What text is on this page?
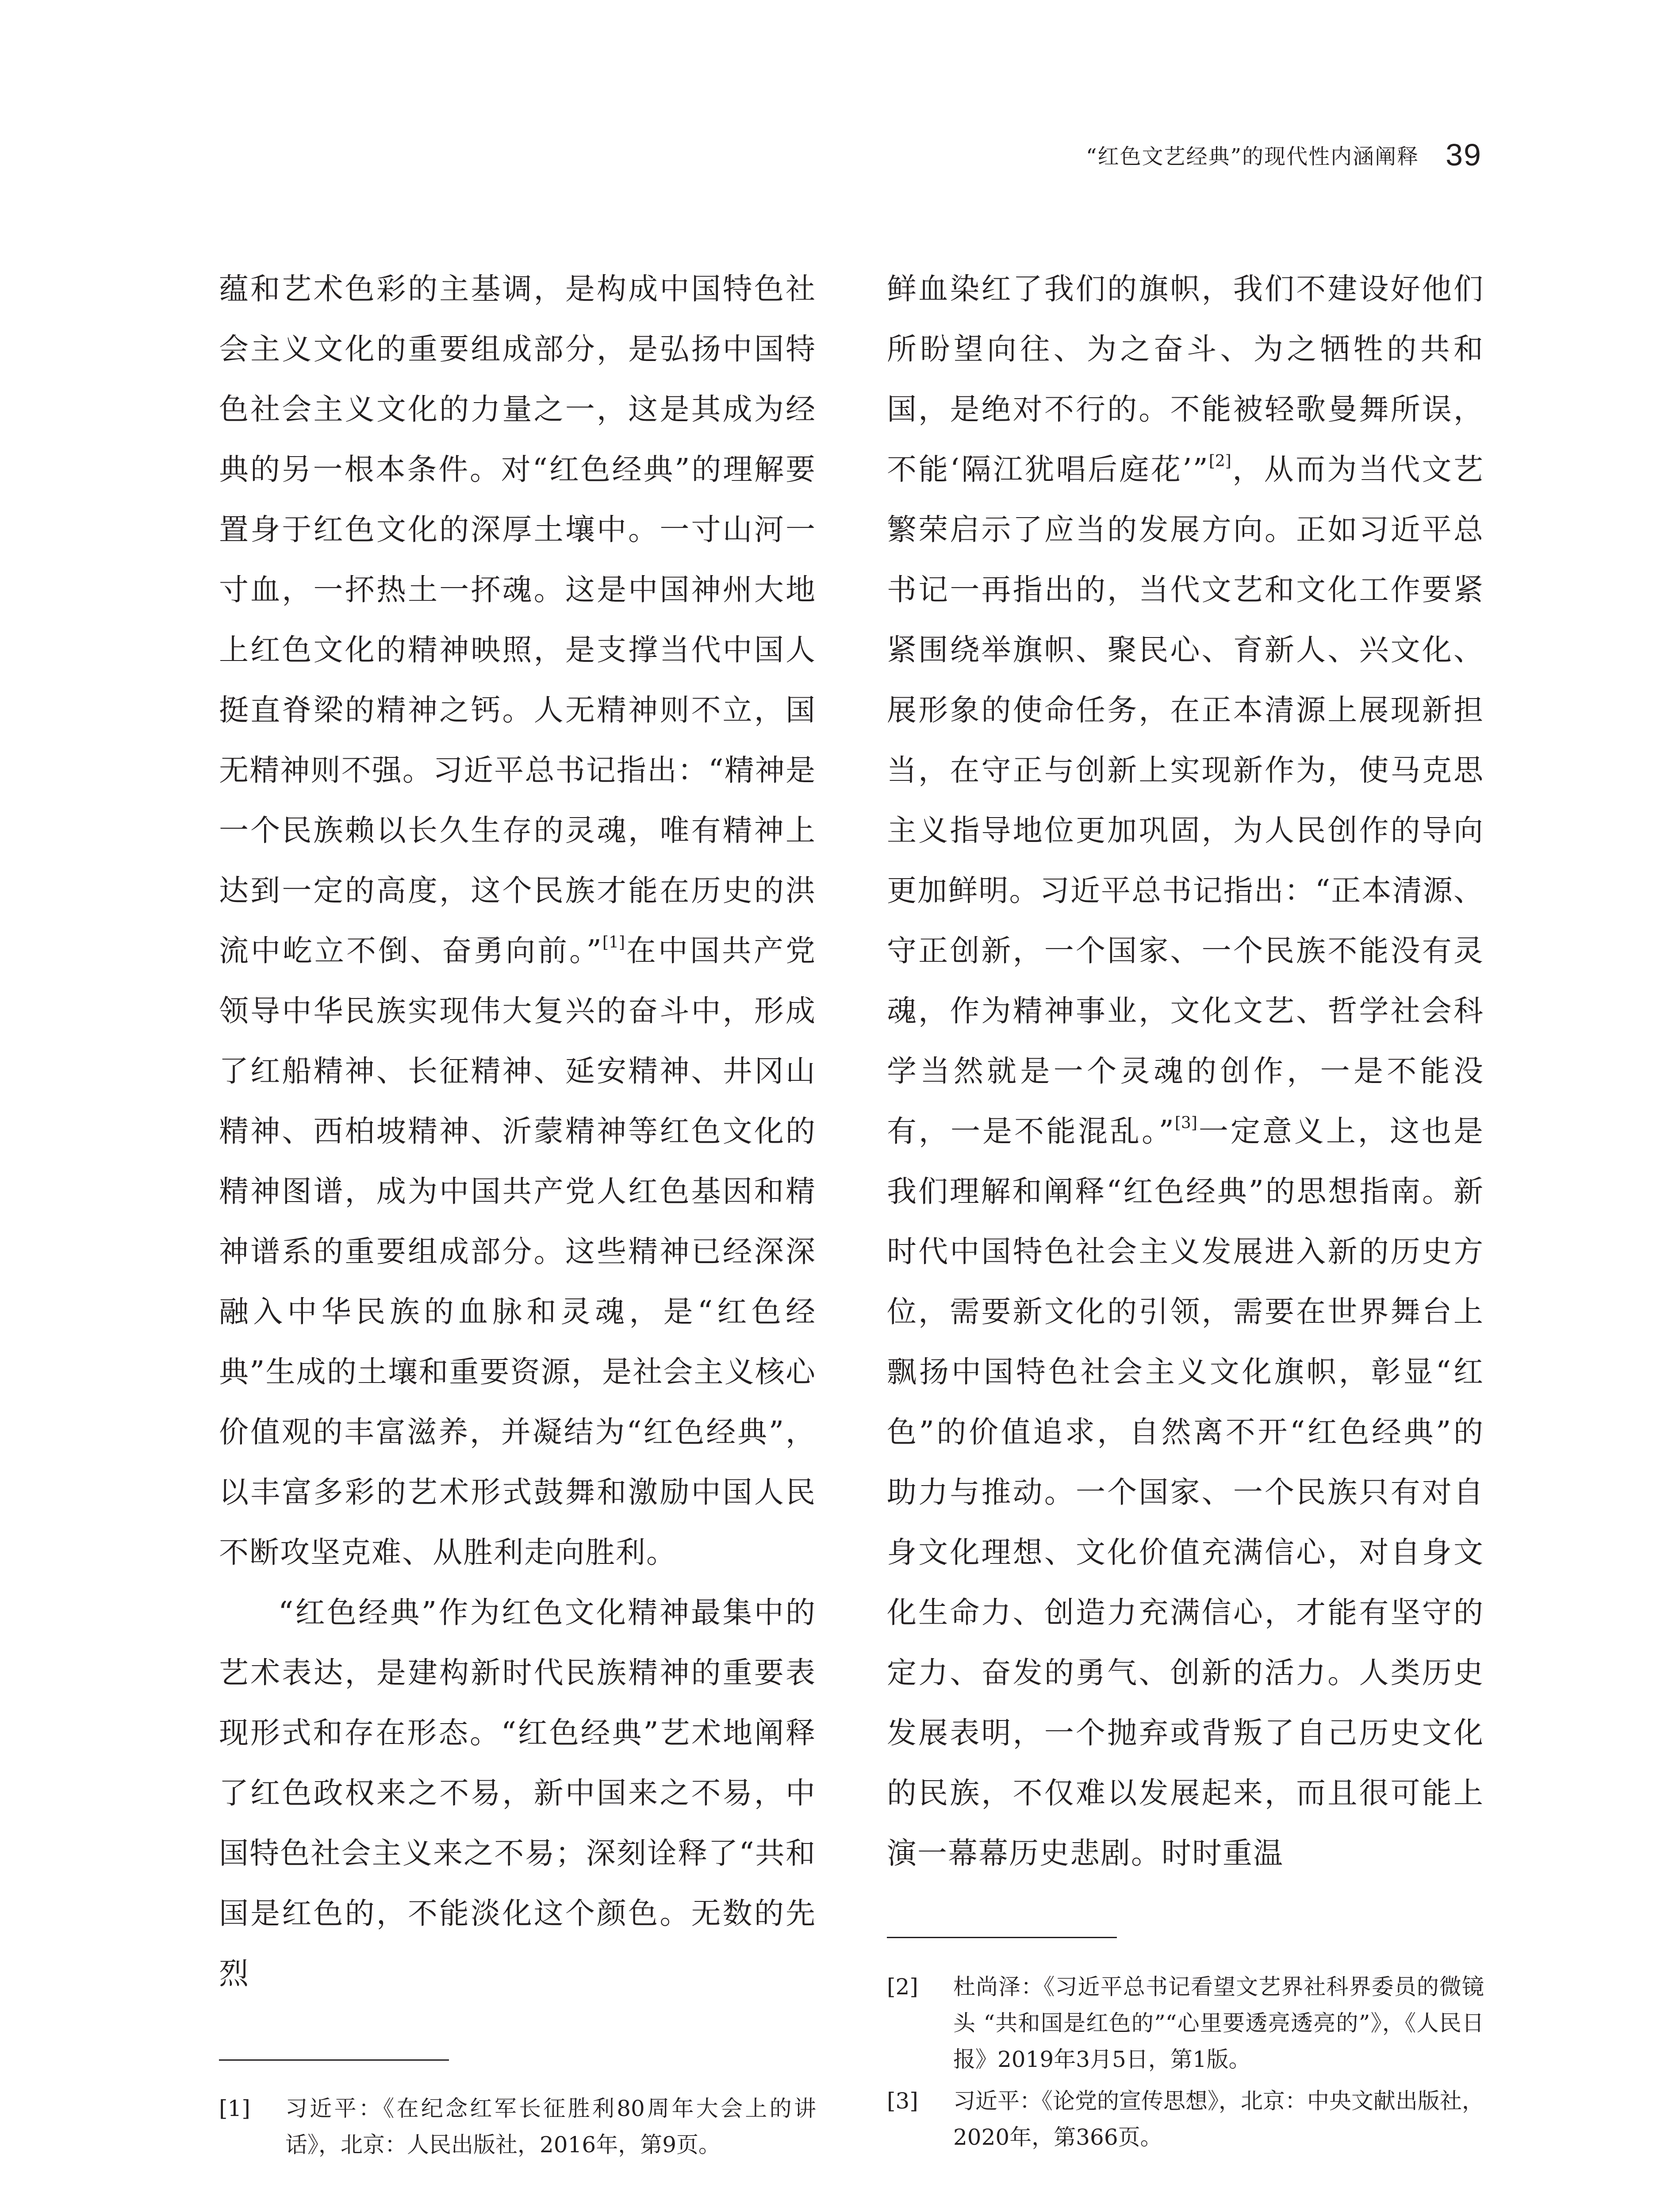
“红色文艺经典”的现代性内涵阐释 39

蕴和艺术色彩的主基调，是构成中国特色社会主义文化的重要组成部分，是弘扬中国特色社会主义文化的力量之一，这是其成为经典的另一根本条件。对“红色经典”的理解要置身于红色文化的深厚土壤中。一寸山河一寸血，一抔热土一抔魂。这是中国神州大地上红色文化的精神映照，是支撑当代中国人挺直脊梁的精神之钙。人无精神则不立，国无精神则不强。习近平总书记指出：“精神是一个民族赖以长久生存的灵魂，唯有精神上达到一定的高度，这个民族才能在历史的洪流中屹立不倒、奋勇向前。”[1]在中国共产党领导中华民族实现伟大复兴的奋斗中，形成了红船精神、长征精神、延安精神、井冈山精神、西柏坡精神、沂蒙精神等红色文化的精神图谱，成为中国共产党人红色基因和精神谱系的重要组成部分。这些精神已经深深融入中华民族的血脉和灵魂，是“红色经典”生成的土壤和重要资源，是社会主义核心价值观的丰富滋养，并凝结为“红色经典”，以丰富多彩的艺术形式鼓舞和激励中国人民不断攻坚克难、从胜利走向胜利。

“红色经典”作为红色文化精神最集中的艺术表达，是建构新时代民族精神的重要表现形式和存在形态。“红色经典”艺术地阐释了红色政权来之不易，新中国来之不易，中国特色社会主义来之不易；深刻诠释了“共和国是红色的，不能淡化这个颜色。无数的先烈

鲜血染红了我们的旗帜，我们不建设好他们所盼望向往、为之奋斗、为之牺牲的共和国，是绝对不行的。不能被轻歌曼舞所误，不能‘隔江犹唱后庭花’”[2]，从而为当代文艺繁荣启示了应当的发展方向。正如习近平总书记一再指出的，当代文艺和文化工作要紧紧围绕举旗帜、聚民心、育新人、兴文化、展形象的使命任务，在正本清源上展现新担当，在守正与创新上实现新作为，使马克思主义指导地位更加巩固，为人民创作的导向更加鲜明。习近平总书记指出：“正本清源、守正创新，一个国家、一个民族不能没有灵魂，作为精神事业，文化文艺、哲学社会科学当然就是一个灵魂的创作，一是不能没有，一是不能混乱。”[3]一定意义上，这也是我们理解和阐释“红色经典”的思想指南。新时代中国特色社会主义发展进入新的历史方位，需要新文化的引领，需要在世界舞台上飘扬中国特色社会主义文化旗帜，彰显“红色”的价值追求，自然离不开“红色经典”的助力与推动。一个国家、一个民族只有对自身文化理想、文化价值充满信心，对自身文化生命力、创造力充满信心，才能有坚守的定力、奋发的勇气、创新的活力。人类历史发展表明，一个抛弃或背叛了自己历史文化的民族，不仅难以发展起来，而且很可能上演一幕幕历史悲剧。时时重温

[1] 习近平：《在纪念红军长征胜利80周年大会上的讲话》，北京：人民出版社，2016年，第9页。
[2] 杜尚泽：《习近平总书记看望文艺界社科界委员的微镜头 “共和国是红色的”“心里要透亮透亮的”》，《人民日报》2019年3月5日，第1版。
[3] 习近平：《论党的宣传思想》，北京：中央文献出版社，2020年，第366页。
